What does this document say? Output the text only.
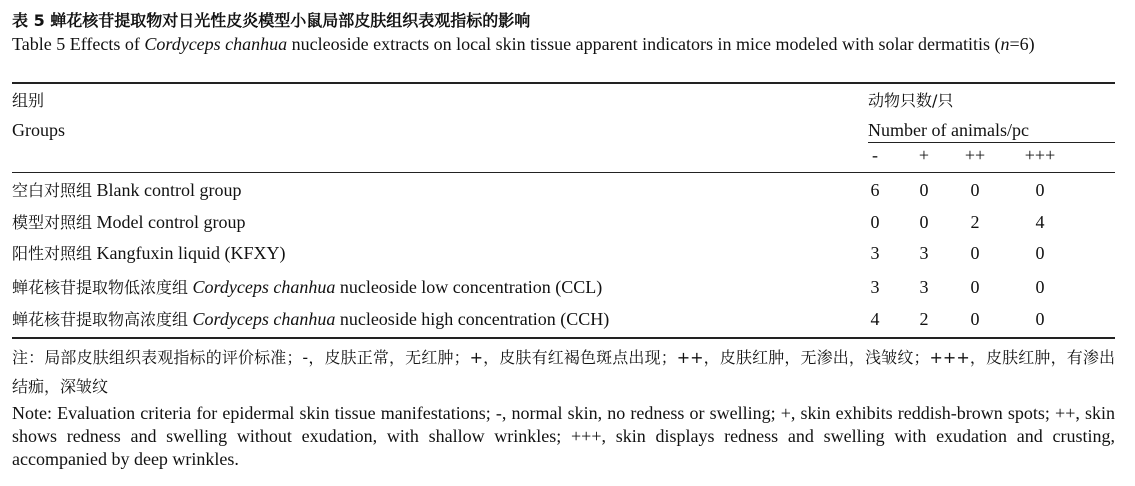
表 5 蝉花核苷提取物对日光性皮炎模型小鼠局部皮肤组织表观指标的影响
Table 5 Effects of Cordyceps chanhua nucleoside extracts on local skin tissue apparent indicators in mice modeled with solar dermatitis (n=6)
组别
Groups
动物只数/只
Number of animals/pc
-	+	++	+++
空白对照组 Blank control group	6	0	0	0
模型对照组 Model control group	0	0	2	4
阳性对照组 Kangfuxin liquid (KFXY)	3	3	0	0
蝉花核苷提取物低浓度组 Cordyceps chanhua nucleoside low concentration (CCL)	3	3	0	0
蝉花核苷提取物高浓度组 Cordyceps chanhua nucleoside high concentration (CCH)	4	2	0	0
注：局部皮肤组织表观指标的评价标准；-，皮肤正常，无红肿；+，皮肤有红褐色斑点出现；++，皮肤红肿，无渗出，浅皱纹；+++，皮肤红肿，有渗出结痂，深皱纹
Note: Evaluation criteria for epidermal skin tissue manifestations; -, normal skin, no redness or swelling; +, skin exhibits reddish-brown spots; ++, skin shows redness and swelling without exudation, with shallow wrinkles; +++, skin displays redness and swelling with exudation and crusting, accompanied by deep wrinkles.
